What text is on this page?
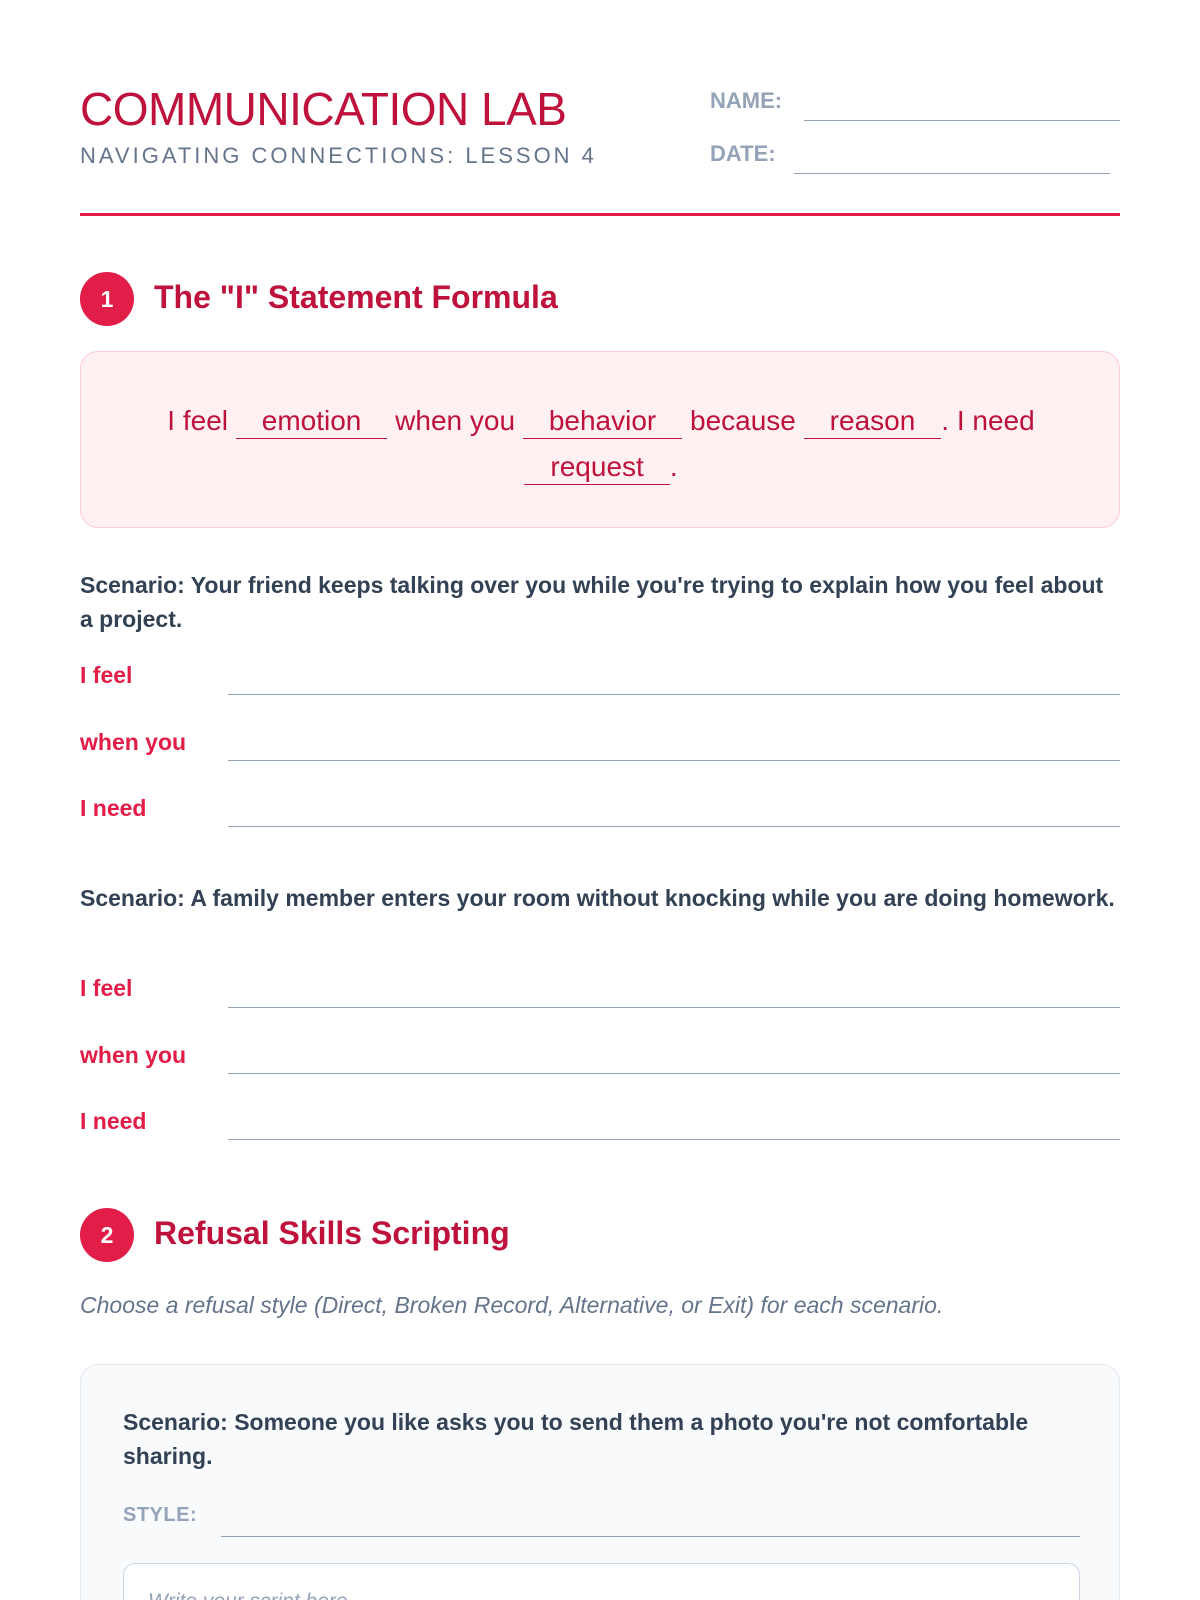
COMMUNICATION LAB
NAVIGATING CONNECTIONS: LESSON 4
NAME:
DATE:
1	The "I" Statement Formula
I feel emotion when you behavior because reason . I need
request .
Scenario: Your friend keeps talking over you while you're trying to explain how you feel about a project.
I feel
when you
I need
Scenario: A family member enters your room without knocking while you are doing homework.
I feel
when you
I need
2	Refusal Skills Scripting
Choose a refusal style (Direct, Broken Record, Alternative, or Exit) for each scenario.
Scenario: Someone you like asks you to send them a photo you're not comfortable sharing.
STYLE:
Write your script here...
